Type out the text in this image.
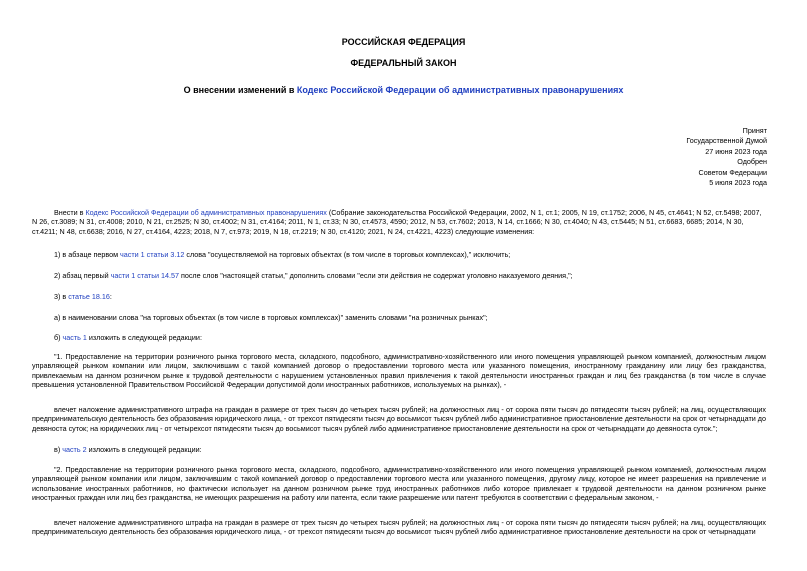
РОССИЙСКАЯ ФЕДЕРАЦИЯ
ФЕДЕРАЛЬНЫЙ ЗАКОН
О внесении изменений в Кодекс Российской Федерации об административных правонарушениях
Принят
Государственной Думой
27 июня 2023 года
Одобрен
Советом Федерации
5 июля 2023 года
Внести в Кодекс Российской Федерации об административных правонарушениях (Собрание законодательства Российской Федерации, 2002, N 1, ст.1; 2005, N 19, ст.1752; 2006, N 45, ст.4641; N 52, ст.5498; 2007, N 26, ст.3089; N 31, ст.4008; 2010, N 21, ст.2525; N 30, ст.4002; N 31, ст.4164; 2011, N 1, ст.33; N 30, ст.4573, 4590; 2012, N 53, ст.7602; 2013, N 14, ст.1666; N 30, ст.4040; N 43, ст.5445; N 51, ст.6683, 6685; 2014, N 30, ст.4211; N 48, ст.6638; 2016, N 27, ст.4164, 4223; 2018, N 7, ст.973; 2019, N 18, ст.2219; N 30, ст.4120; 2021, N 24, ст.4221, 4223) следующие изменения:
1) в абзаце первом части 1 статьи 3.12 слова "осуществляемой на торговых объектах (в том числе в торговых комплексах)," исключить;
2) абзац первый части 1 статьи 14.57 после слов "настоящей статьи," дополнить словами "если эти действия не содержат уголовно наказуемого деяния,";
3) в статье 18.16:
а) в наименовании слова "на торговых объектах (в том числе в торговых комплексах)" заменить словами "на розничных рынках";
б) часть 1 изложить в следующей редакции:
"1. Предоставление на территории розничного рынка торгового места, складского, подсобного, административно-хозяйственного или иного помещения управляющей рынком компанией, должностным лицом управляющей рынком компании или лицом, заключившим с такой компанией договор о предоставлении торгового места или указанного помещения, иностранному гражданину или лицу без гражданства, привлекаемым на данном розничном рынке к трудовой деятельности с нарушением установленных правил привлечения к такой деятельности иностранных граждан и лиц без гражданства (в том числе в случае превышения установленной Правительством Российской Федерации допустимой доли иностранных работников, используемых на рынках), -
влечет наложение административного штрафа на граждан в размере от трех тысяч до четырех тысяч рублей; на должностных лиц - от сорока пяти тысяч до пятидесяти тысяч рублей; на лиц, осуществляющих предпринимательскую деятельность без образования юридического лица, - от трехсот пятидесяти тысяч до восьмисот тысяч рублей либо административное приостановление деятельности на срок от четырнадцати до девяноста суток; на юридических лиц - от четырехсот пятидесяти тысяч до восьмисот тысяч рублей либо административное приостановление деятельности на срок от четырнадцати до девяноста суток.";
в) часть 2 изложить в следующей редакции:
"2. Предоставление на территории розничного рынка торгового места, складского, подсобного, административно-хозяйственного или иного помещения управляющей рынком компанией, должностным лицом управляющей рынком компании или лицом, заключившим с такой компанией договор о предоставлении торгового места или указанного помещения, другому лицу, которое не имеет разрешения на привлечение и использование иностранных работников, но фактически использует на данном розничном рынке труд иностранных работников либо которое привлекает к трудовой деятельности на данном розничном рынке иностранных граждан или лиц без гражданства, не имеющих разрешения на работу или патента, если такие разрешение или патент требуются в соответствии с федеральным законом, -
влечет наложение административного штрафа на граждан в размере от трех тысяч до четырех тысяч рублей; на должностных лиц - от сорока пяти тысяч до пятидесяти тысяч рублей; на лиц, осуществляющих предпринимательскую деятельность без образования юридического лица, - от трехсот пятидесяти тысяч до восьмисот тысяч рублей либо административное приостановление деятельности на срок от четырнадцати
